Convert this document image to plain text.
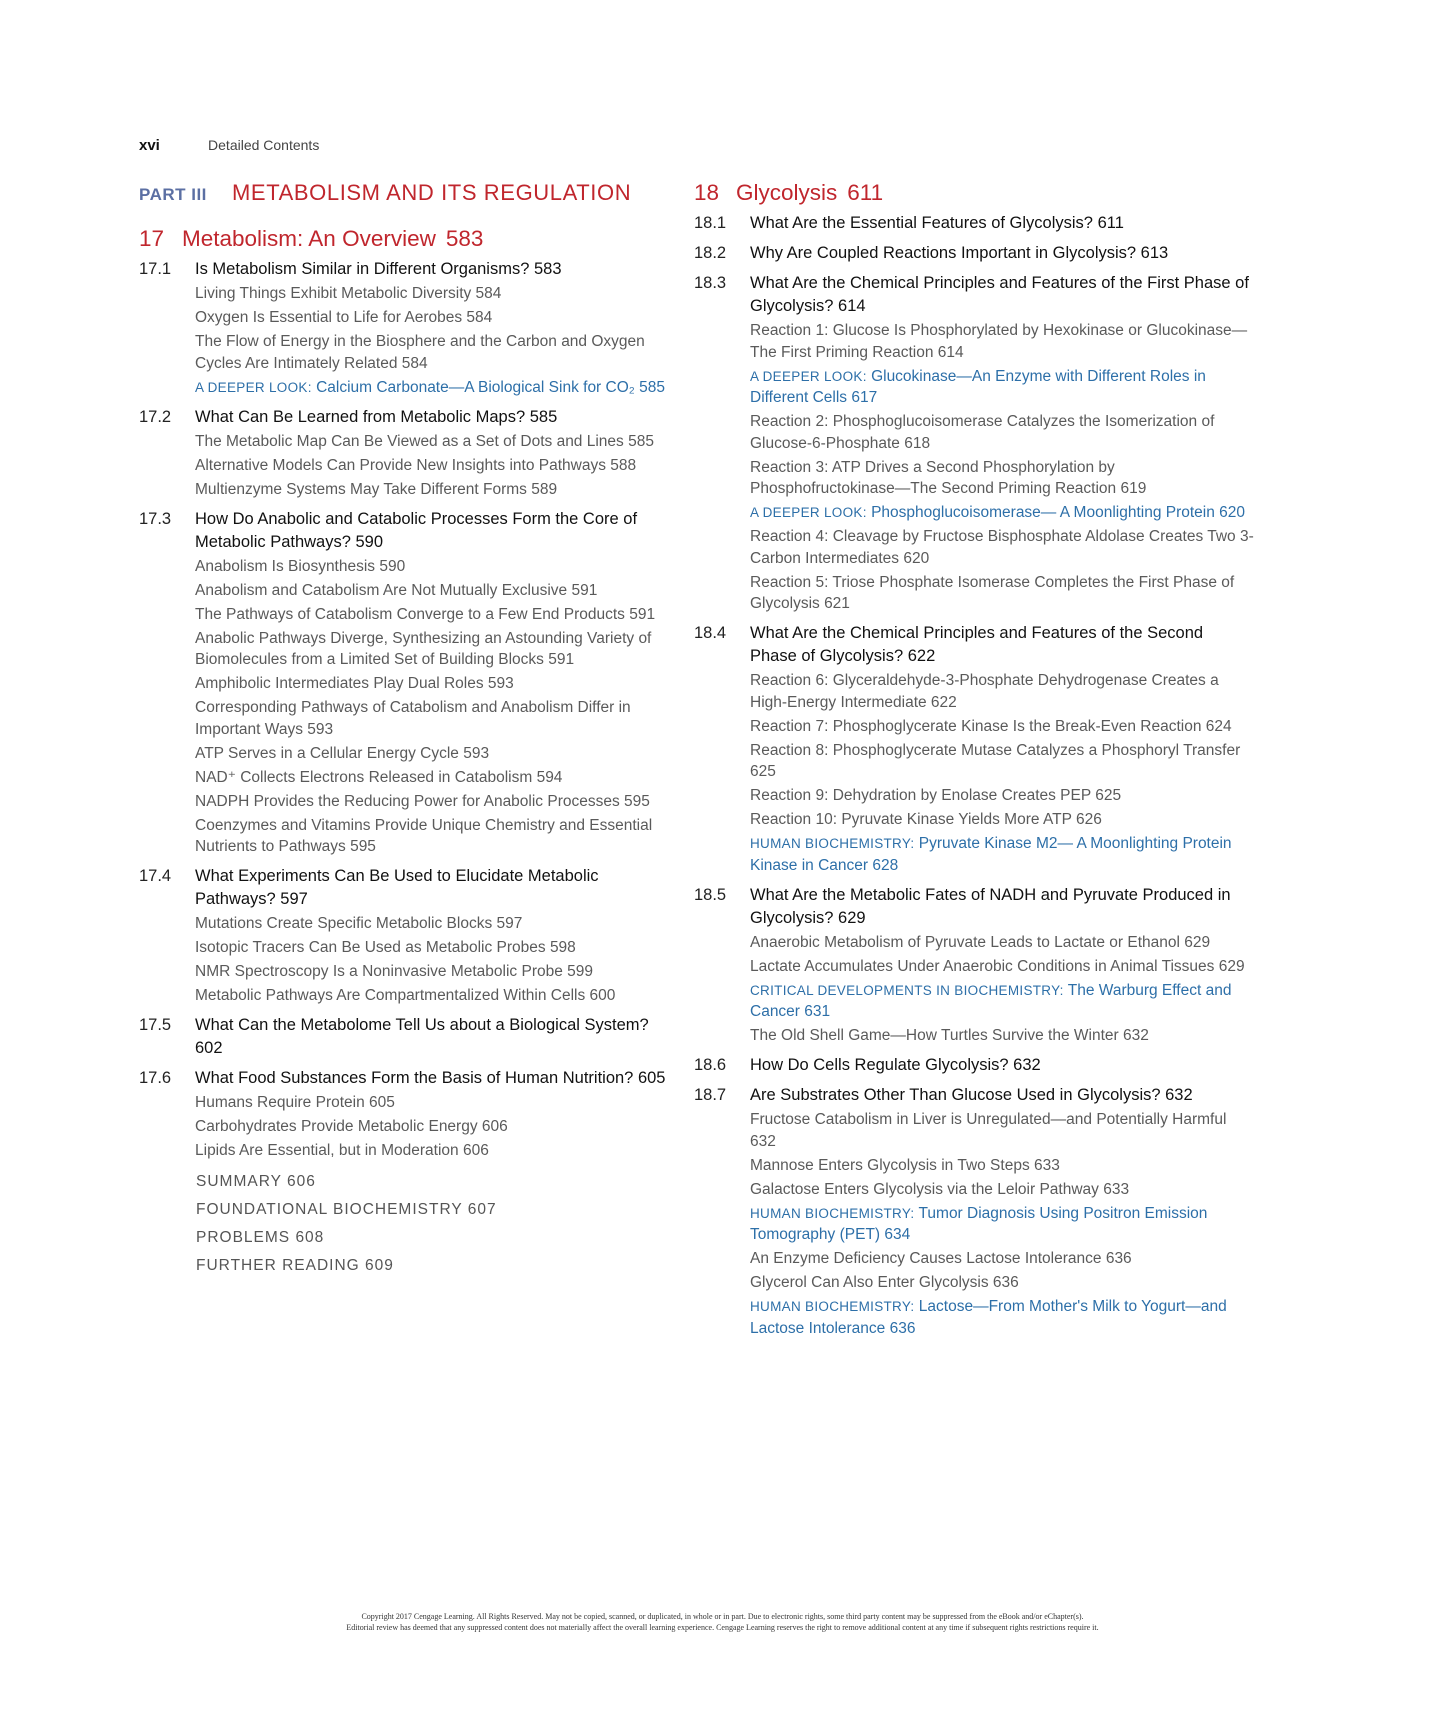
xvi	Detailed Contents
PART III	METABOLISM AND ITS REGULATION
17 Metabolism: An Overview 583
17.1	Is Metabolism Similar in Different Organisms? 583
Living Things Exhibit Metabolic Diversity 584
Oxygen Is Essential to Life for Aerobes 584
The Flow of Energy in the Biosphere and the Carbon and Oxygen Cycles Are Intimately Related 584
A DEEPER LOOK: Calcium Carbonate—A Biological Sink for CO₂ 585
17.2	What Can Be Learned from Metabolic Maps? 585
The Metabolic Map Can Be Viewed as a Set of Dots and Lines 585
Alternative Models Can Provide New Insights into Pathways 588
Multienzyme Systems May Take Different Forms 589
17.3	How Do Anabolic and Catabolic Processes Form the Core of Metabolic Pathways? 590
Anabolism Is Biosynthesis 590
Anabolism and Catabolism Are Not Mutually Exclusive 591
The Pathways of Catabolism Converge to a Few End Products 591
Anabolic Pathways Diverge, Synthesizing an Astounding Variety of Biomolecules from a Limited Set of Building Blocks 591
Amphibolic Intermediates Play Dual Roles 593
Corresponding Pathways of Catabolism and Anabolism Differ in Important Ways 593
ATP Serves in a Cellular Energy Cycle 593
NAD⁺ Collects Electrons Released in Catabolism 594
NADPH Provides the Reducing Power for Anabolic Processes 595
Coenzymes and Vitamins Provide Unique Chemistry and Essential Nutrients to Pathways 595
17.4	What Experiments Can Be Used to Elucidate Metabolic Pathways? 597
Mutations Create Specific Metabolic Blocks 597
Isotopic Tracers Can Be Used as Metabolic Probes 598
NMR Spectroscopy Is a Noninvasive Metabolic Probe 599
Metabolic Pathways Are Compartmentalized Within Cells 600
17.5	What Can the Metabolome Tell Us about a Biological System? 602
17.6	What Food Substances Form the Basis of Human Nutrition? 605
Humans Require Protein 605
Carbohydrates Provide Metabolic Energy 606
Lipids Are Essential, but in Moderation 606
SUMMARY 606
FOUNDATIONAL BIOCHEMISTRY 607
PROBLEMS 608
FURTHER READING 609
18 Glycolysis 611
18.1	What Are the Essential Features of Glycolysis? 611
18.2	Why Are Coupled Reactions Important in Glycolysis? 613
18.3	What Are the Chemical Principles and Features of the First Phase of Glycolysis? 614
Reaction 1: Glucose Is Phosphorylated by Hexokinase or Glucokinase—The First Priming Reaction 614
A DEEPER LOOK: Glucokinase—An Enzyme with Different Roles in Different Cells 617
Reaction 2: Phosphoglucoisomerase Catalyzes the Isomerization of Glucose-6-Phosphate 618
Reaction 3: ATP Drives a Second Phosphorylation by Phosphofructokinase—The Second Priming Reaction 619
A DEEPER LOOK: Phosphoglucoisomerase— A Moonlighting Protein 620
Reaction 4: Cleavage by Fructose Bisphosphate Aldolase Creates Two 3-Carbon Intermediates 620
Reaction 5: Triose Phosphate Isomerase Completes the First Phase of Glycolysis 621
18.4	What Are the Chemical Principles and Features of the Second Phase of Glycolysis? 622
Reaction 6: Glyceraldehyde-3-Phosphate Dehydrogenase Creates a High-Energy Intermediate 622
Reaction 7: Phosphoglycerate Kinase Is the Break-Even Reaction 624
Reaction 8: Phosphoglycerate Mutase Catalyzes a Phosphoryl Transfer 625
Reaction 9: Dehydration by Enolase Creates PEP 625
Reaction 10: Pyruvate Kinase Yields More ATP 626
HUMAN BIOCHEMISTRY: Pyruvate Kinase M2— A Moonlighting Protein Kinase in Cancer 628
18.5	What Are the Metabolic Fates of NADH and Pyruvate Produced in Glycolysis? 629
Anaerobic Metabolism of Pyruvate Leads to Lactate or Ethanol 629
Lactate Accumulates Under Anaerobic Conditions in Animal Tissues 629
CRITICAL DEVELOPMENTS IN BIOCHEMISTRY: The Warburg Effect and Cancer 631
The Old Shell Game—How Turtles Survive the Winter 632
18.6	How Do Cells Regulate Glycolysis? 632
18.7	Are Substrates Other Than Glucose Used in Glycolysis? 632
Fructose Catabolism in Liver is Unregulated—and Potentially Harmful 632
Mannose Enters Glycolysis in Two Steps 633
Galactose Enters Glycolysis via the Leloir Pathway 633
HUMAN BIOCHEMISTRY: Tumor Diagnosis Using Positron Emission Tomography (PET) 634
An Enzyme Deficiency Causes Lactose Intolerance 636
Glycerol Can Also Enter Glycolysis 636
HUMAN BIOCHEMISTRY: Lactose—From Mother's Milk to Yogurt—and Lactose Intolerance 636
Copyright 2017 Cengage Learning. All Rights Reserved. May not be copied, scanned, or duplicated, in whole or in part. Due to electronic rights, some third party content may be suppressed from the eBook and/or eChapter(s).
Editorial review has deemed that any suppressed content does not materially affect the overall learning experience. Cengage Learning reserves the right to remove additional content at any time if subsequent rights restrictions require it.
